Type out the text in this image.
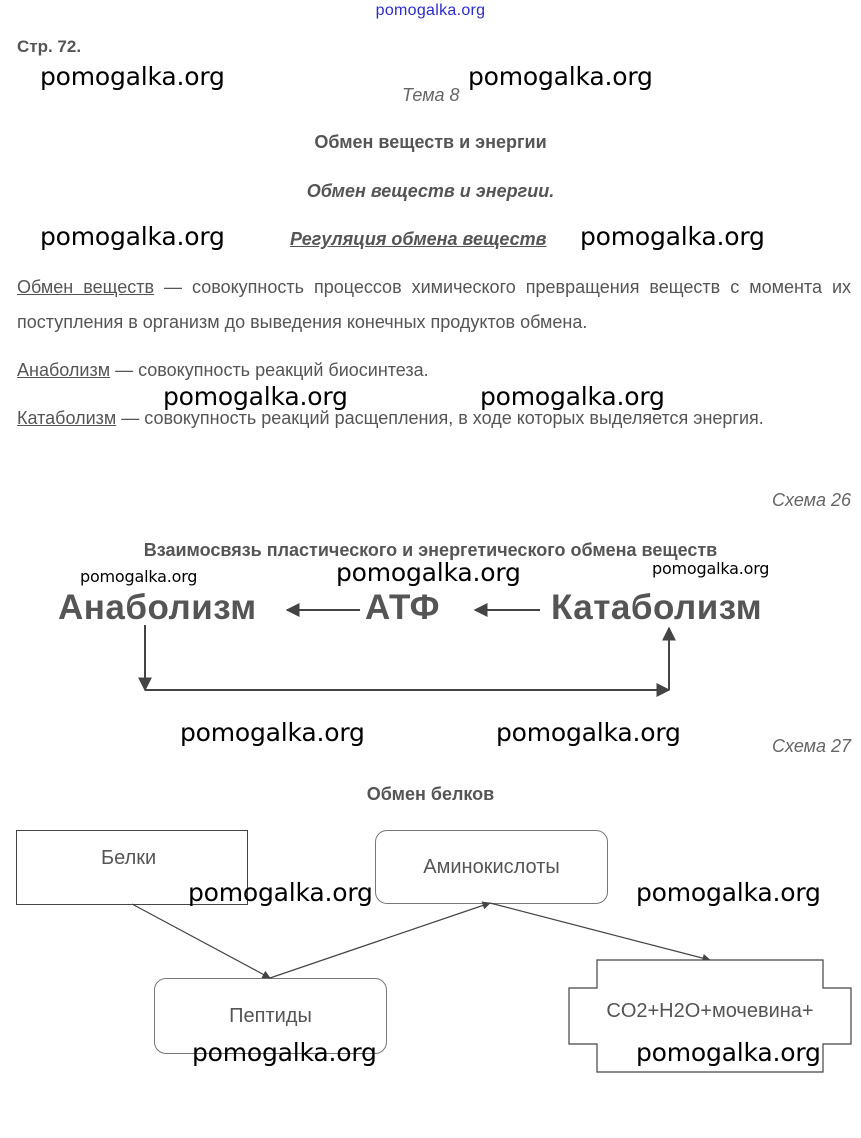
pomogalka.org
Стр. 72.
Тема 8
Обмен веществ и энергии
Обмен веществ и энергии.
Регуляция обмена веществ
Обмен веществ — совокупность процессов химического превращения веществ с момента их поступления в организм до выведения конечных продуктов обмена.
Анаболизм — совокупность реакций биосинтеза.
Катаболизм — совокупность реакций расщепления, в ходе которых выделяется энергия.
Схема 26
Взаимосвязь пластического и энергетического обмена веществ
Анаболизм	АТФ	Катаболизм
Схема 27
Обмен белков
Белки	Аминокислоты
Пептиды	CO2+H2O+мочевина+
pomogalka.org	pomogalka.org
pomogalka.org	pomogalka.org
pomogalka.org	pomogalka.org
pomogalka.org	pomogalka.org	pomogalka.org
pomogalka.org	pomogalka.org
pomogalka.org	pomogalka.org
pomogalka.org	pomogalka.org
